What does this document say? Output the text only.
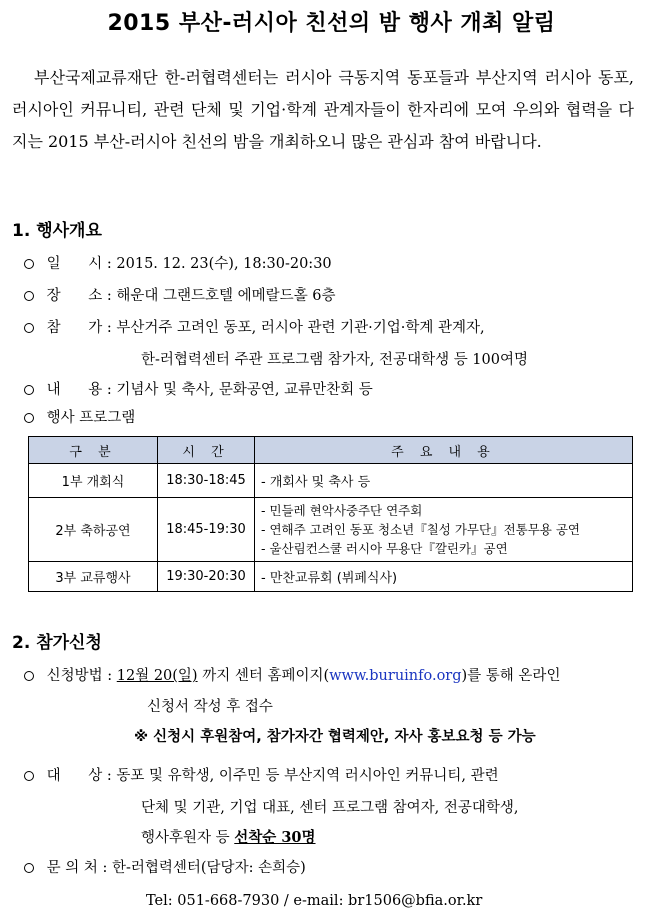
2015 부산-러시아 친선의 밤 행사 개최 알림
부산국제교류재단 한-러협력센터는 러시아 극동지역 동포들과 부산지역 러시아 동포, 러시아인 커뮤니티, 관련 단체 및 기업·학계 관계자들이 한자리에 모여 우의와 협력을 다지는 2015 부산-러시아 친선의 밤을 개최하오니 많은 관심과 참여 바랍니다.
1. 행사개요
일      시 : 2015. 12. 23(수), 18:30-20:30
장      소 : 해운대 그랜드호텔 에메랄드홀 6층
참      가 : 부산거주 고려인 동포, 러시아 관련 기관·기업·학계 관계자,
한-러협력센터 주관 프로그램 참가자, 전공대학생 등 100여명
내      용 : 기념사 및 축사, 문화공연, 교류만찬회 등
행사 프로그램
구 분	시 간	주 요 내 용
1부 개회식	18:30-18:45	- 개회사 및 축사 등
2부 축하공연	18:45-19:30	- 민들레 현악사중주단 연주회
- 연해주 고려인 동포 청소년『칠성 가무단』전통무용 공연
- 울산림컨스쿨 러시아 무용단『깔린카』공연

3부 교류행사	19:30-20:30	- 만찬교류회 (뷔페식사)
2. 참가신청
신청방법 : 12월 20(일) 까지 센터 홈페이지(www.buruinfo.org)를 통해 온라인
신청서 작성 후 접수
※ 신청시 후원참여, 참가자간 협력제안, 자사 홍보요청 등 가능
대      상 : 동포 및 유학생, 이주민 등 부산지역 러시아인 커뮤니티, 관련
단체 및 기관, 기업 대표, 센터 프로그램 참여자, 전공대학생,
행사후원자 등 선착순 30명
문 의 처 : 한-러협력센터(담당자: 손희승)
Tel: 051-668-7930 / e-mail: br1506@bfia.or.kr
